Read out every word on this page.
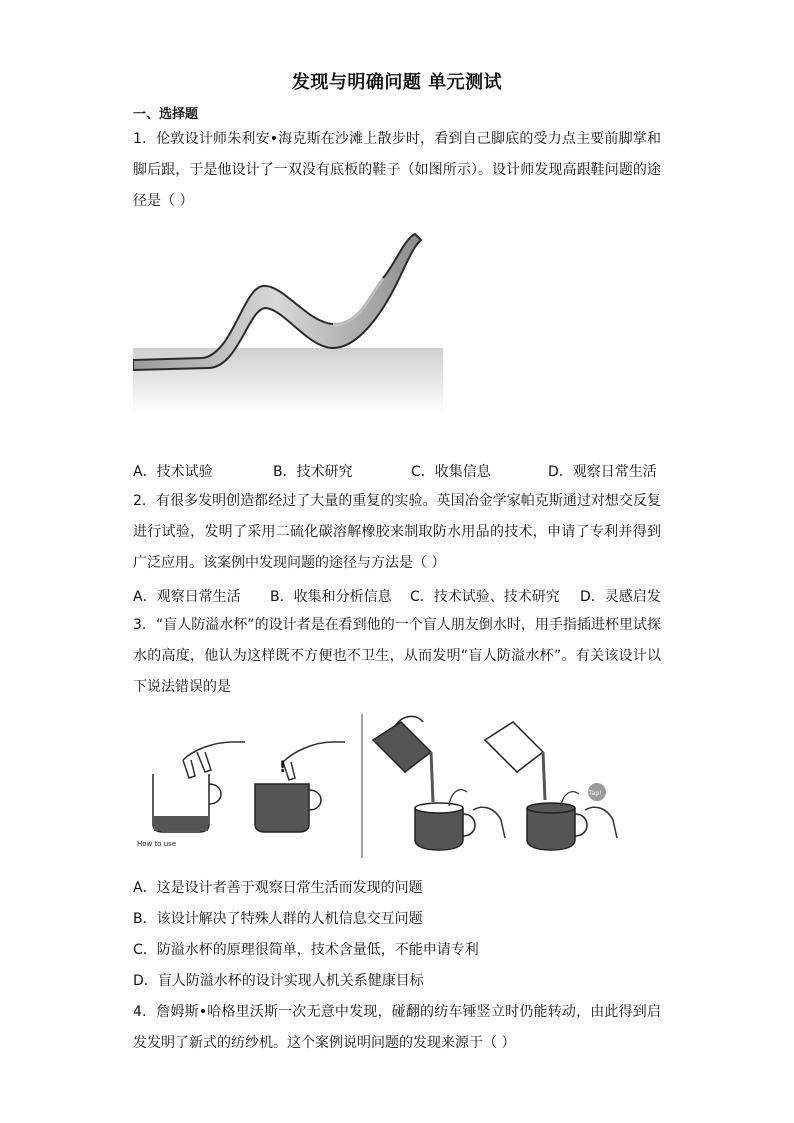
发现与明确问题 单元测试
一、选择题
1．伦敦设计师朱利安•海克斯在沙滩上散步时，看到自己脚底的受力点主要前脚掌和脚后跟，于是他设计了一双没有底板的鞋子（如图所示）。设计师发现高跟鞋问题的途径是（ ）
A．技术试验	B．技术研究	C．收集信息	D．观察日常生活
2．有很多发明创造都经过了大量的重复的实验。英国冶金学家帕克斯通过对想交反复进行试验，发明了采用二硫化碳溶解橡胶来制取防水用品的技术，申请了专利并得到广泛应用。该案例中发现问题的途径与方法是（ ）
A．观察日常生活 B．收集和分析信息 C．技术试验、技术研究 D．灵感启发
3．“盲人防溢水杯”的设计者是在看到他的一个盲人朋友倒水时，用手指插进杯里试探水的高度，他认为这样既不方便也不卫生，从而发明“盲人防溢水杯”。有关该设计以下说法错误的是
How to use
!
Tap!
A．这是设计者善于观察日常生活而发现的问题
B．该设计解决了特殊人群的人机信息交互问题
C．防溢水杯的原理很简单，技术含量低，不能申请专利
D．盲人防溢水杯的设计实现人机关系健康目标
4．詹姆斯•哈格里沃斯一次无意中发现，碰翻的纺车锤竖立时仍能转动，由此得到启发发明了新式的纺纱机。这个案例说明问题的发现来源于（ ）
